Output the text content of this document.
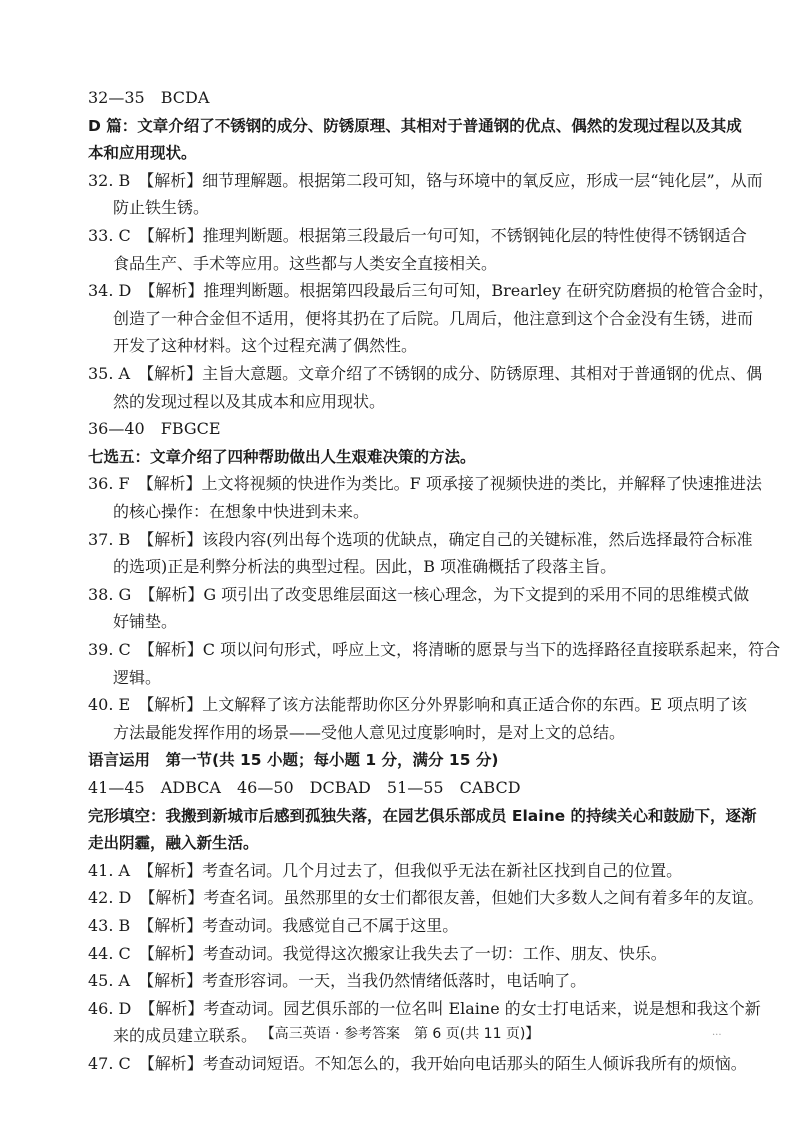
32—35　BCDA
D 篇：文章介绍了不锈钢的成分、防锈原理、其相对于普通钢的优点、偶然的发现过程以及其成
本和应用现状。
32. B　【解析】细节理解题。根据第二段可知，铬与环境中的氧反应，形成一层“钝化层”，从而
防止铁生锈。
33. C　【解析】推理判断题。根据第三段最后一句可知，不锈钢钝化层的特性使得不锈钢适合
食品生产、手术等应用。这些都与人类安全直接相关。
34. D　【解析】推理判断题。根据第四段最后三句可知，Brearley 在研究防磨损的枪管合金时，
创造了一种合金但不适用，便将其扔在了后院。几周后，他注意到这个合金没有生锈，进而
开发了这种材料。这个过程充满了偶然性。
35. A　【解析】主旨大意题。文章介绍了不锈钢的成分、防锈原理、其相对于普通钢的优点、偶
然的发现过程以及其成本和应用现状。
36—40　FBGCE
七选五：文章介绍了四种帮助做出人生艰难决策的方法。
36. F　【解析】上文将视频的快进作为类比。F 项承接了视频快进的类比，并解释了快速推进法
的核心操作：在想象中快进到未来。
37. B　【解析】该段内容(列出每个选项的优缺点，确定自己的关键标准，然后选择最符合标准
的选项)正是利弊分析法的典型过程。因此，B 项准确概括了段落主旨。
38. G　【解析】G 项引出了改变思维层面这一核心理念，为下文提到的采用不同的思维模式做
好铺垫。
39. C　【解析】C 项以问句形式，呼应上文，将清晰的愿景与当下的选择路径直接联系起来，符合
逻辑。
40. E　【解析】上文解释了该方法能帮助你区分外界影响和真正适合你的东西。E 项点明了该
方法最能发挥作用的场景——受他人意见过度影响时，是对上文的总结。
语言运用　第一节(共 15 小题；每小题 1 分，满分 15 分)
41—45　ADBCA　46—50　DCBAD　51—55　CABCD
完形填空：我搬到新城市后感到孤独失落，在园艺俱乐部成员 Elaine 的持续关心和鼓励下，逐渐
走出阴霾，融入新生活。
41. A　【解析】考查名词。几个月过去了，但我似乎无法在新社区找到自己的位置。
42. D　【解析】考查名词。虽然那里的女士们都很友善，但她们大多数人之间有着多年的友谊。
43. B　【解析】考查动词。我感觉自己不属于这里。
44. C　【解析】考查动词。我觉得这次搬家让我失去了一切：工作、朋友、快乐。
45. A　【解析】考查形容词。一天，当我仍然情绪低落时，电话响了。
46. D　【解析】考查动词。园艺俱乐部的一位名叫 Elaine 的女士打电话来，说是想和我这个新
来的成员建立联系。
47. C　【解析】考查动词短语。不知怎么的，我开始向电话那头的陌生人倾诉我所有的烦恼。
【高三英语 · 参考答案　第 6 页(共 11 页)】	...
